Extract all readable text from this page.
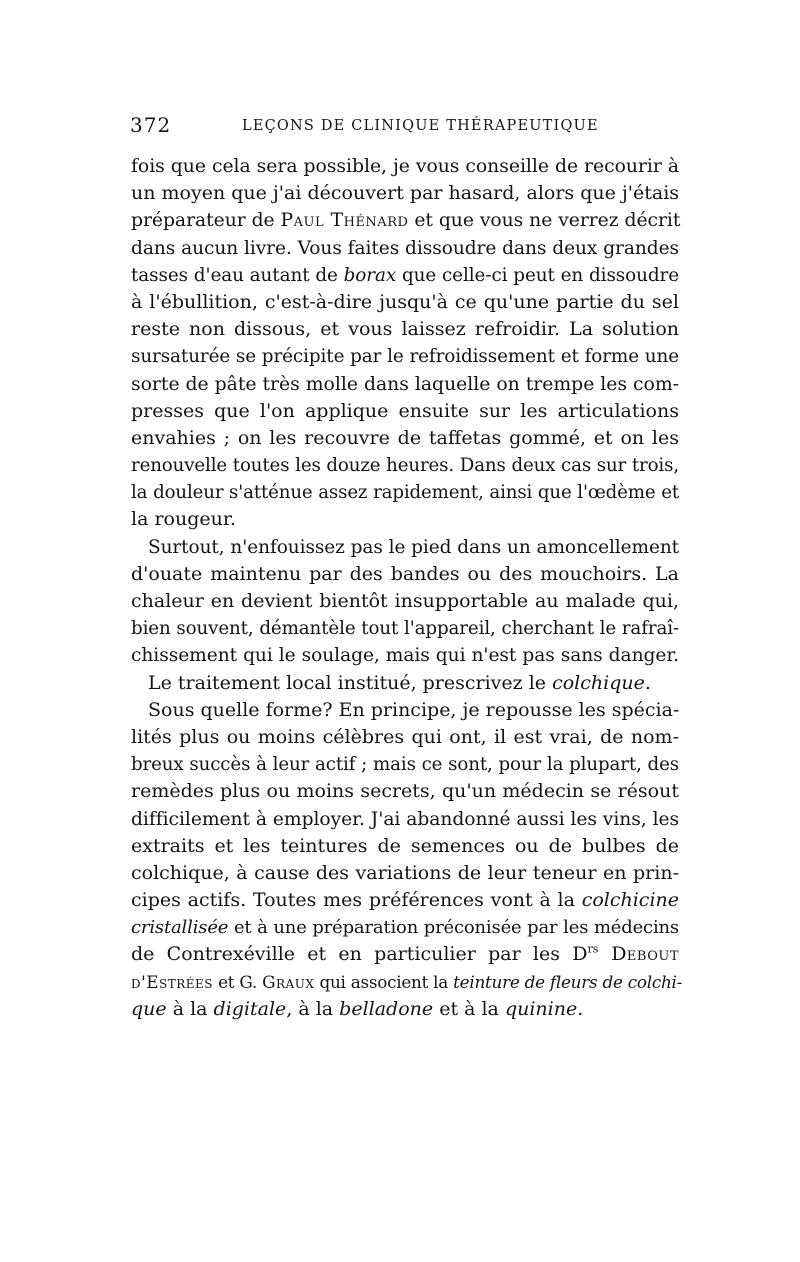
372	LEÇONS DE CLINIQUE THÉRAPEUTIQUE
fois que cela sera possible, je vous conseille de recourir à
un moyen que j'ai découvert par hasard, alors que j'étais
préparateur de Paul Thénard et que vous ne verrez décrit
dans aucun livre. Vous faites dissoudre dans deux grandes
tasses d'eau autant de borax que celle-ci peut en dissoudre
à l'ébullition, c'est-à-dire jusqu'à ce qu'une partie du sel
reste non dissous, et vous laissez refroidir. La solution
sursaturée se précipite par le refroidissement et forme une
sorte de pâte très molle dans laquelle on trempe les com-
presses que l'on applique ensuite sur les articulations
envahies ; on les recouvre de taffetas gommé, et on les
renouvelle toutes les douze heures. Dans deux cas sur trois,
la douleur s'atténue assez rapidement, ainsi que l'œdème et
la rougeur.
Surtout, n'enfouissez pas le pied dans un amoncellement
d'ouate maintenu par des bandes ou des mouchoirs. La
chaleur en devient bientôt insupportable au malade qui,
bien souvent, démantèle tout l'appareil, cherchant le rafraî-
chissement qui le soulage, mais qui n'est pas sans danger.
Le traitement local institué, prescrivez le colchique.
Sous quelle forme? En principe, je repousse les spécia-
lités plus ou moins célèbres qui ont, il est vrai, de nom-
breux succès à leur actif ; mais ce sont, pour la plupart, des
remèdes plus ou moins secrets, qu'un médecin se résout
difficilement à employer. J'ai abandonné aussi les vins, les
extraits et les teintures de semences ou de bulbes de
colchique, à cause des variations de leur teneur en prin-
cipes actifs. Toutes mes préférences vont à la colchicine
cristallisée et à une préparation préconisée par les médecins
de Contrexéville et en particulier par les $D^{rs}$ Debout
d'Estrées et G. Graux qui associent la teinture de fleurs de colchi-
que à la digitale, à la belladone et à la quinine.
